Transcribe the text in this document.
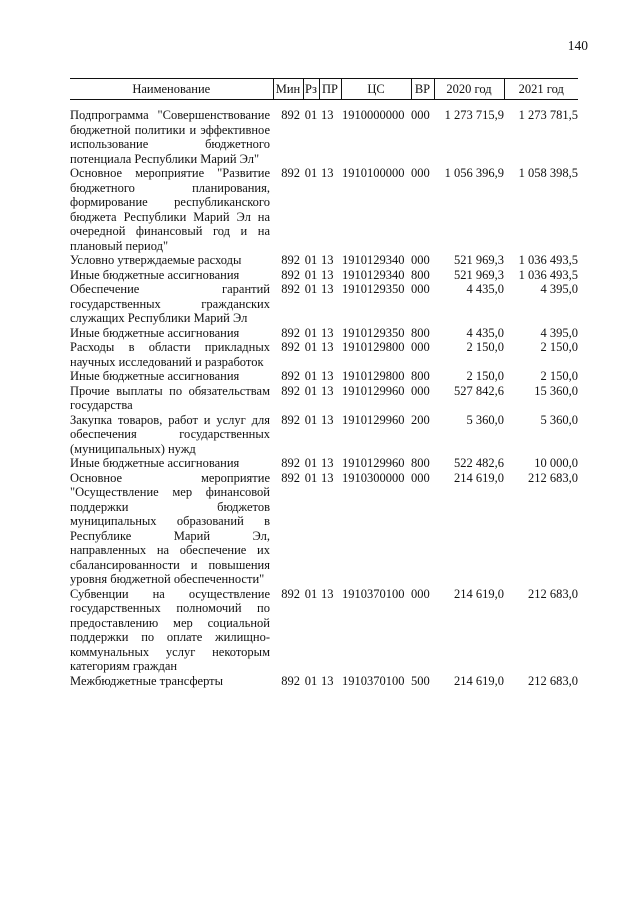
140
Наименование	Мин	Рз	ПР	ЦС	ВР	2020 год	2021 год
Подпрограмма "Совершенствование бюджетной политики и эффективное использование бюджетного потенциала Республики Марий Эл"	892	01	13	1910000000	000	1 273 715,9	1 273 781,5
Основное мероприятие "Развитие бюджетного планирования, формирование республиканского бюджета Республики Марий Эл на очередной финансовый год и на плановый период"	892	01	13	1910100000	000	1 056 396,9	1 058 398,5
Условно утверждаемые расходы	892	01	13	1910129340	000	521 969,3	1 036 493,5
Иные бюджетные ассигнования	892	01	13	1910129340	800	521 969,3	1 036 493,5
Обеспечение гарантий государственных гражданских служащих Республики Марий Эл	892	01	13	1910129350	000	4 435,0	4 395,0
Иные бюджетные ассигнования	892	01	13	1910129350	800	4 435,0	4 395,0
Расходы в области прикладных научных исследований и разработок	892	01	13	1910129800	000	2 150,0	2 150,0
Иные бюджетные ассигнования	892	01	13	1910129800	800	2 150,0	2 150,0
Прочие выплаты по обязательствам государства	892	01	13	1910129960	000	527 842,6	15 360,0
Закупка товаров, работ и услуг для обеспечения государственных (муниципальных) нужд	892	01	13	1910129960	200	5 360,0	5 360,0
Иные бюджетные ассигнования	892	01	13	1910129960	800	522 482,6	10 000,0
Основное мероприятие "Осуществление мер финансовой поддержки бюджетов муниципальных образований в Республике Марий Эл, направленных на обеспечение их сбалансированности и повышения уровня бюджетной обеспеченности"	892	01	13	1910300000	000	214 619,0	212 683,0
Субвенции на осуществление государственных полномочий по предоставлению мер социальной поддержки по оплате жилищно-коммунальных услуг некоторым категориям граждан	892	01	13	1910370100	000	214 619,0	212 683,0
Межбюджетные трансферты	892	01	13	1910370100	500	214 619,0	212 683,0
